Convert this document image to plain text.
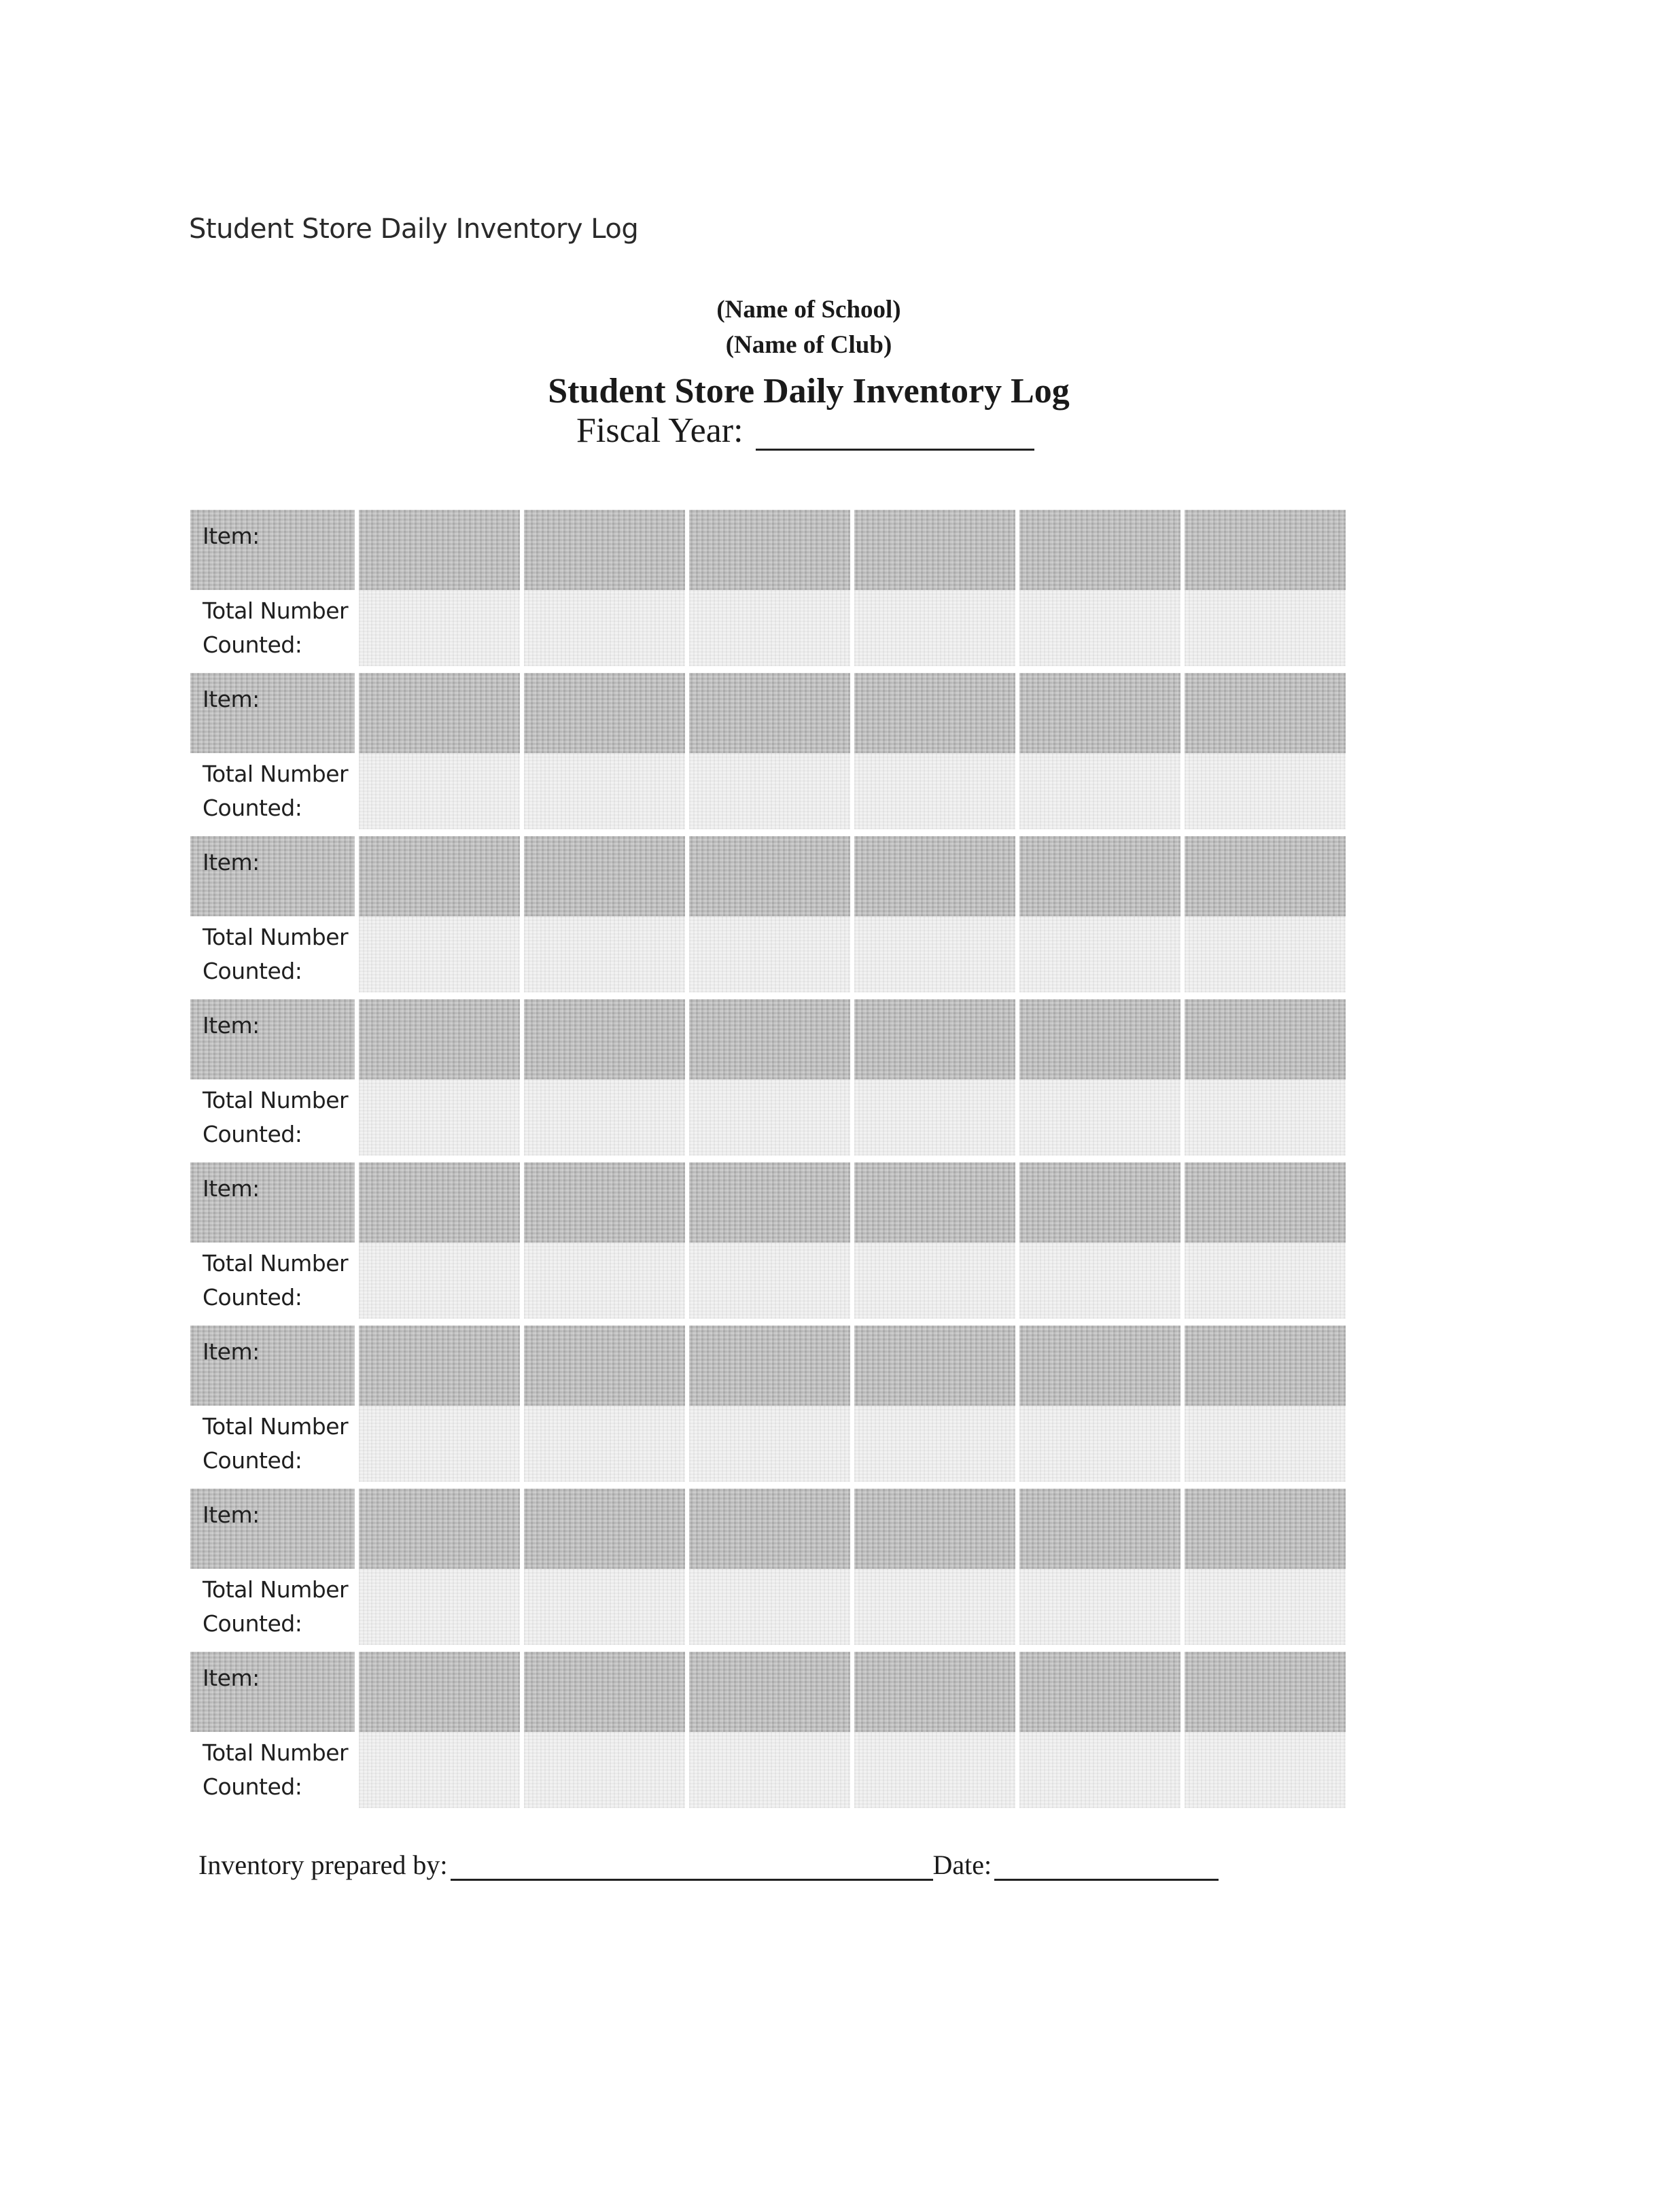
Student Store Daily Inventory Log
(Name of School)
(Name of Club)
Student Store Daily Inventory Log
Fiscal Year:
Item:
Total Number
Counted:
Item:
Total Number
Counted:
Item:
Total Number
Counted:
Item:
Total Number
Counted:
Item:
Total Number
Counted:
Item:
Total Number
Counted:
Item:
Total Number
Counted:
Item:
Total Number
Counted:
Inventory prepared by:	Date:
